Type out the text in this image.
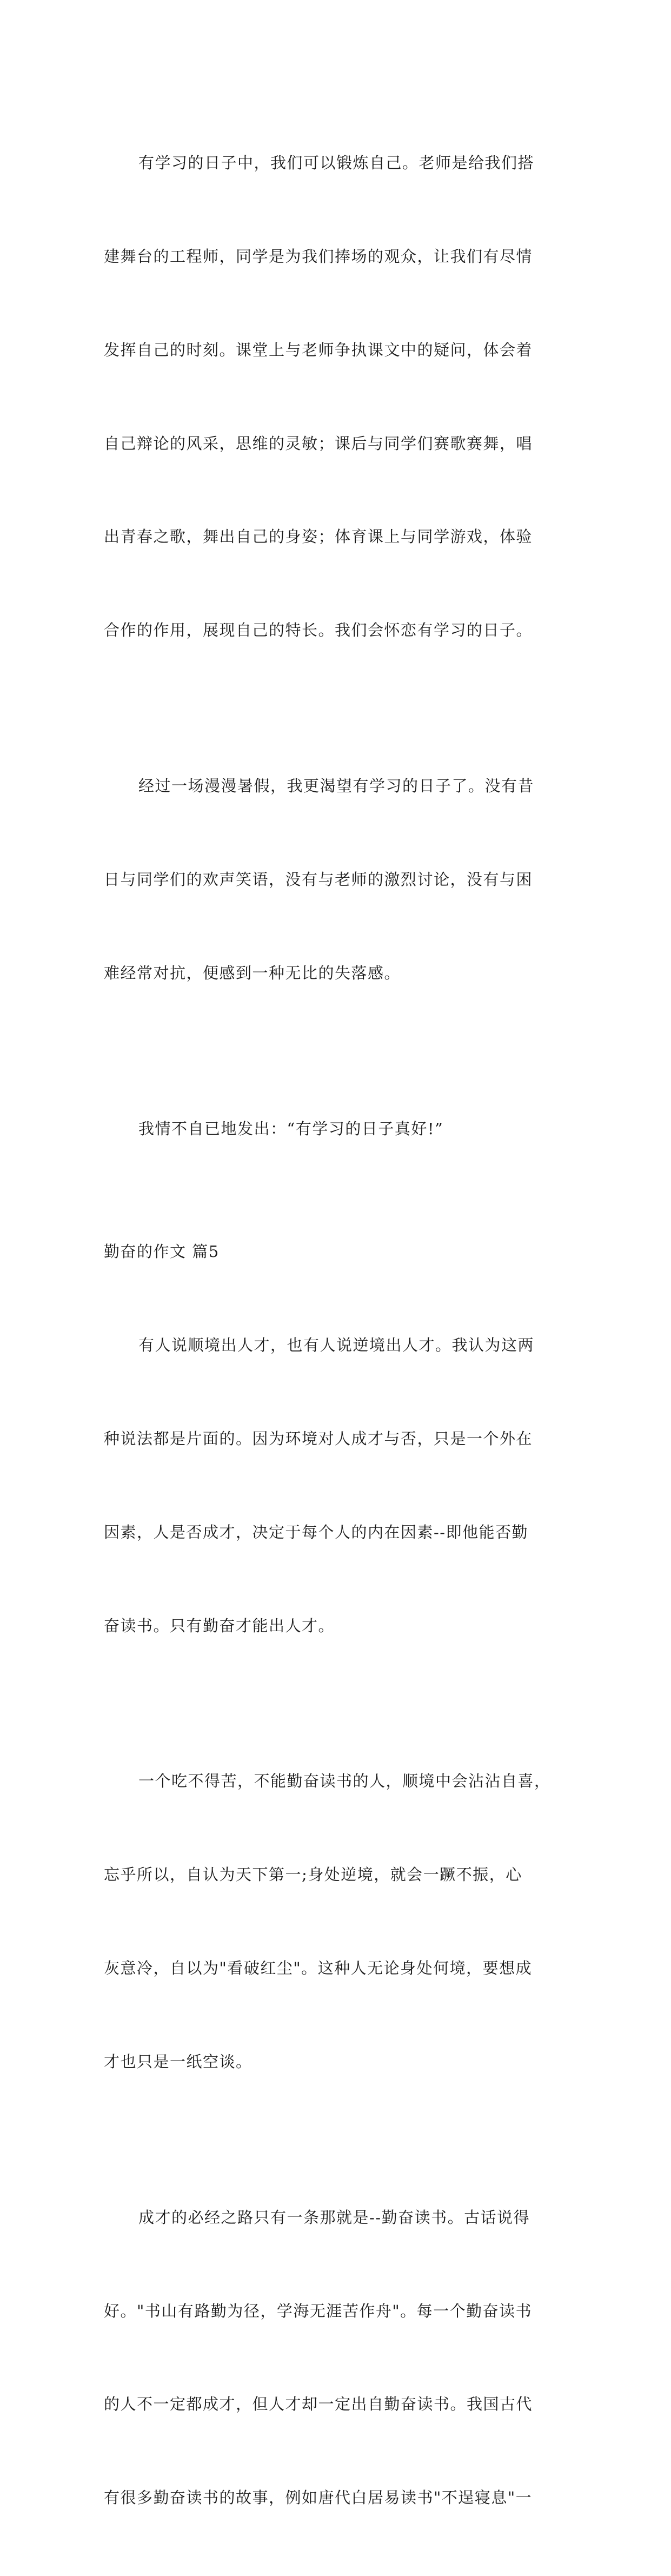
有学习的日子中，我们可以锻炼自己。老师是给我们搭

建舞台的工程师，同学是为我们捧场的观众，让我们有尽情

发挥自己的时刻。课堂上与老师争执课文中的疑问，体会着

自己辩论的风采，思维的灵敏；课后与同学们赛歌赛舞，唱

出青春之歌，舞出自己的身姿；体育课上与同学游戏，体验

合作的作用，展现自己的特长。我们会怀恋有学习的日子。

经过一场漫漫暑假，我更渴望有学习的日子了。没有昔

日与同学们的欢声笑语，没有与老师的激烈讨论，没有与困

难经常对抗，便感到一种无比的失落感。

我情不自已地发出：“有学习的日子真好!”

勤奋的作文 篇5

有人说顺境出人才，也有人说逆境出人才。我认为这两

种说法都是片面的。因为环境对人成才与否，只是一个外在

因素，人是否成才，决定于每个人的内在因素--即他能否勤

奋读书。只有勤奋才能出人才。

一个吃不得苦，不能勤奋读书的人，顺境中会沾沾自喜，

忘乎所以，自认为天下第一;身处逆境，就会一蹶不振，心

灰意冷，自以为"看破红尘"。这种人无论身处何境，要想成

才也只是一纸空谈。

成才的必经之路只有一条那就是--勤奋读书。古话说得

好。"书山有路勤为径，学海无涯苦作舟"。每一个勤奋读书

的人不一定都成才，但人才却一定出自勤奋读书。我国古代

有很多勤奋读书的故事，例如唐代白居易读书"不逞寝息"一
